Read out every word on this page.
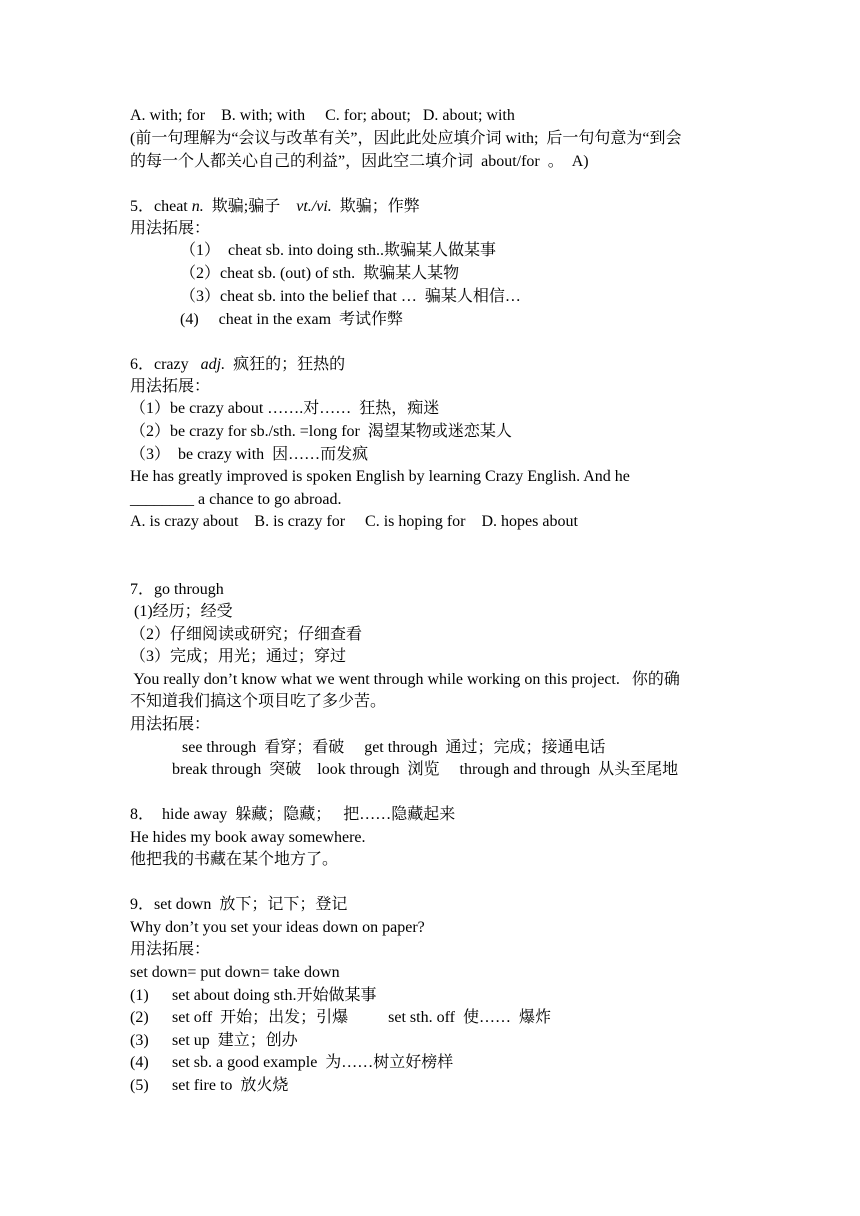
A. with; for    B. with; with     C. for; about;   D. about; with
(前一句理解为“会议与改革有关”，因此此处应填介词 with;  后一句句意为“到会
的每一个人都关心自己的利益”，因此空二填介词  about/for  。  A)
5．cheat n.  欺骗;骗子    vt./vi.  欺骗；作弊
用法拓展：
（1）  cheat sb. into doing sth..欺骗某人做某事
（2）cheat sb. (out) of sth.  欺骗某人某物
（3）cheat sb. into the belief that …  骗某人相信…
(4)     cheat in the exam  考试作弊
6．crazy   adj.  疯狂的；狂热的
用法拓展：
（1）be crazy about …….对……  狂热，痴迷
（2）be crazy for sb./sth. =long for  渴望某物或迷恋某人
（3）  be crazy with  因……而发疯
He has greatly improved is spoken English by learning Crazy English. And he
________ a chance to go abroad.
A. is crazy about    B. is crazy for     C. is hoping for    D. hopes about
7．go through
(1)经历；经受
（2）仔细阅读或研究；仔细查看
（3）完成；用光；通过；穿过
You really don’t know what we went through while working on this project.   你的确
不知道我们搞这个项目吃了多少苦。
用法拓展：
see through  看穿；看破     get through  通过；完成；接通电话
break through  突破    look through  浏览     through and through  从头至尾地
8．  hide away  躲藏；隐藏；   把……隐藏起来
He hides my book away somewhere.
他把我的书藏在某个地方了。
9．set down  放下；记下；登记
Why don’t you set your ideas down on paper?
用法拓展：
set down= put down= take down
(1) set about doing sth.开始做某事
(2) set off  开始；出发；引爆          set sth. off  使……  爆炸
(3) set up  建立；创办
(4) set sb. a good example  为……树立好榜样
(5) set fire to  放火烧
